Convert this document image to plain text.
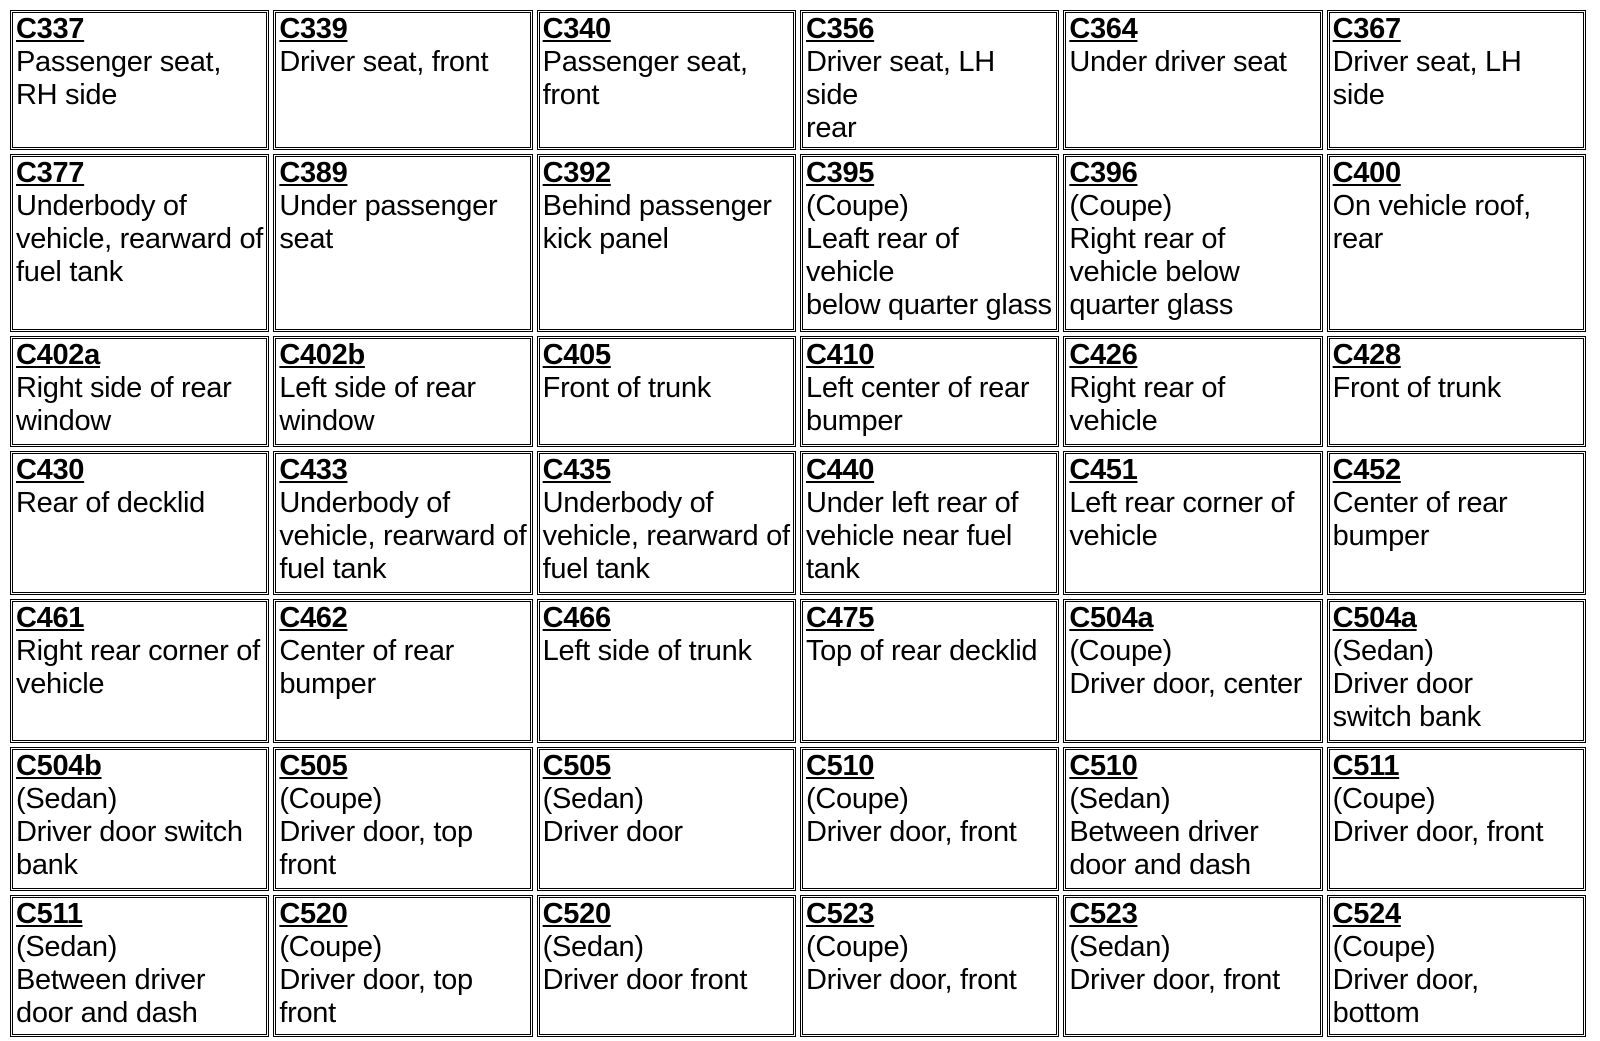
C337
Passenger seat,
RH side	C339
Driver seat, front	C340
Passenger seat,
front	C356
Driver seat, LH side
rear	C364
Under driver seat	C367
Driver seat, LH
side

C377
Underbody of
vehicle, rearward of
fuel tank	C389
Under passenger
seat	C392
Behind passenger
kick panel	C395
(Coupe)
Leaft rear of vehicle
below quarter glass	C396
(Coupe)
Right rear of
vehicle below
quarter glass	C400
On vehicle roof,
rear

C402a
Right side of rear
window	C402b
Left side of rear
window	C405
Front of trunk	C410
Left center of rear
bumper	C426
Right rear of
vehicle	C428
Front of trunk

C430
Rear of decklid	C433
Underbody of
vehicle, rearward of
fuel tank	C435
Underbody of
vehicle, rearward of
fuel tank	C440
Under left rear of
vehicle near fuel
tank	C451
Left rear corner of
vehicle	C452
Center of rear
bumper

C461
Right rear corner of
vehicle	C462
Center of rear
bumper	C466
Left side of trunk	C475
Top of rear decklid	C504a
(Coupe)
Driver door, center	C504a
(Sedan)
Driver door
switch bank

C504b
(Sedan)
Driver door switch
bank	C505
(Coupe)
Driver door, top
front	C505
(Sedan)
Driver door	C510
(Coupe)
Driver door, front	C510
(Sedan)
Between driver
door and dash	C511
(Coupe)
Driver door, front

C511
(Sedan)
Between driver
door and dash	C520
(Coupe)
Driver door, top
front	C520
(Sedan)
Driver door front	C523
(Coupe)
Driver door, front	C523
(Sedan)
Driver door, front	C524
(Coupe)
Driver door,
bottom
